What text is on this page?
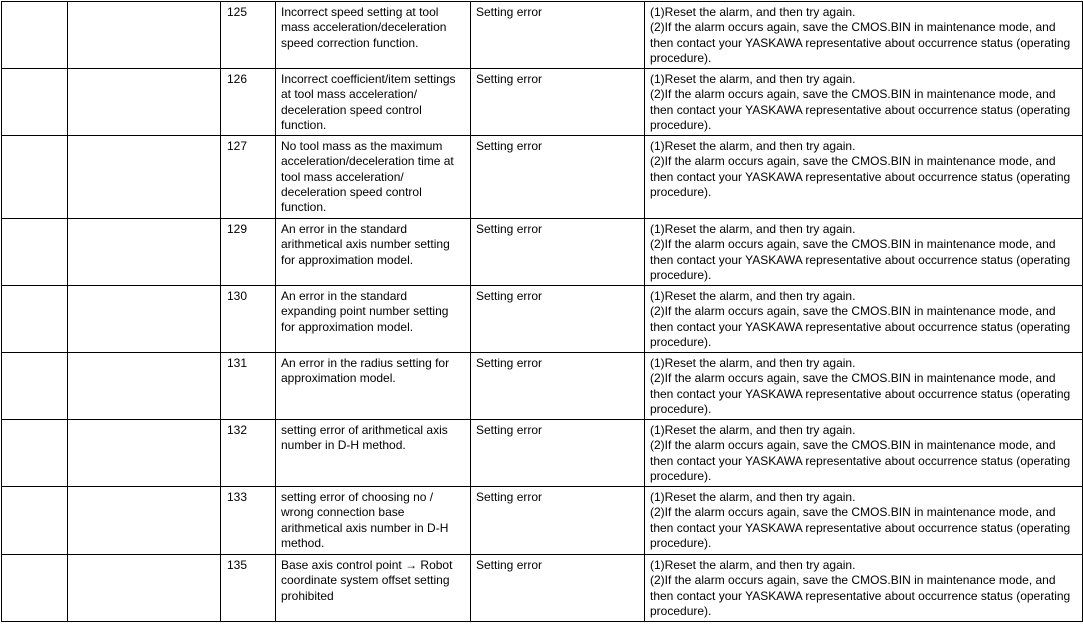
		125	Incorrect speed setting at tool mass acceleration/deceleration speed correction function.	Setting error	(1)Reset the alarm, and then try again.
(2)If the alarm occurs again, save the CMOS.BIN in maintenance mode, and then contact your YASKAWA representative about occurrence status (operating procedure).

		126	Incorrect coefficient/item settings at tool mass acceleration/ deceleration speed control function.	Setting error	(1)Reset the alarm, and then try again.
(2)If the alarm occurs again, save the CMOS.BIN in maintenance mode, and then contact your YASKAWA representative about occurrence status (operating procedure).

		127	No tool mass as the maximum acceleration/deceleration time at tool mass acceleration/ deceleration speed control function.	Setting error	(1)Reset the alarm, and then try again.
(2)If the alarm occurs again, save the CMOS.BIN in maintenance mode, and then contact your YASKAWA representative about occurrence status (operating procedure).

		129	An error in the standard arithmetical axis number setting for approximation model.	Setting error	(1)Reset the alarm, and then try again.
(2)If the alarm occurs again, save the CMOS.BIN in maintenance mode, and then contact your YASKAWA representative about occurrence status (operating procedure).

		130	An error in the standard expanding point number setting for approximation model.	Setting error	(1)Reset the alarm, and then try again.
(2)If the alarm occurs again, save the CMOS.BIN in maintenance mode, and then contact your YASKAWA representative about occurrence status (operating procedure).

		131	An error in the radius setting for approximation model.	Setting error	(1)Reset the alarm, and then try again.
(2)If the alarm occurs again, save the CMOS.BIN in maintenance mode, and then contact your YASKAWA representative about occurrence status (operating procedure).

		132	setting error of arithmetical axis number in D-H method.	Setting error	(1)Reset the alarm, and then try again.
(2)If the alarm occurs again, save the CMOS.BIN in maintenance mode, and then contact your YASKAWA representative about occurrence status (operating procedure).

		133	setting error of choosing no / wrong connection base arithmetical axis number in D-H method.	Setting error	(1)Reset the alarm, and then try again.
(2)If the alarm occurs again, save the CMOS.BIN in maintenance mode, and then contact your YASKAWA representative about occurrence status (operating procedure).

		135	Base axis control point → Robot coordinate system offset setting prohibited	Setting error	(1)Reset the alarm, and then try again.
(2)If the alarm occurs again, save the CMOS.BIN in maintenance mode, and then contact your YASKAWA representative about occurrence status (operating procedure).
